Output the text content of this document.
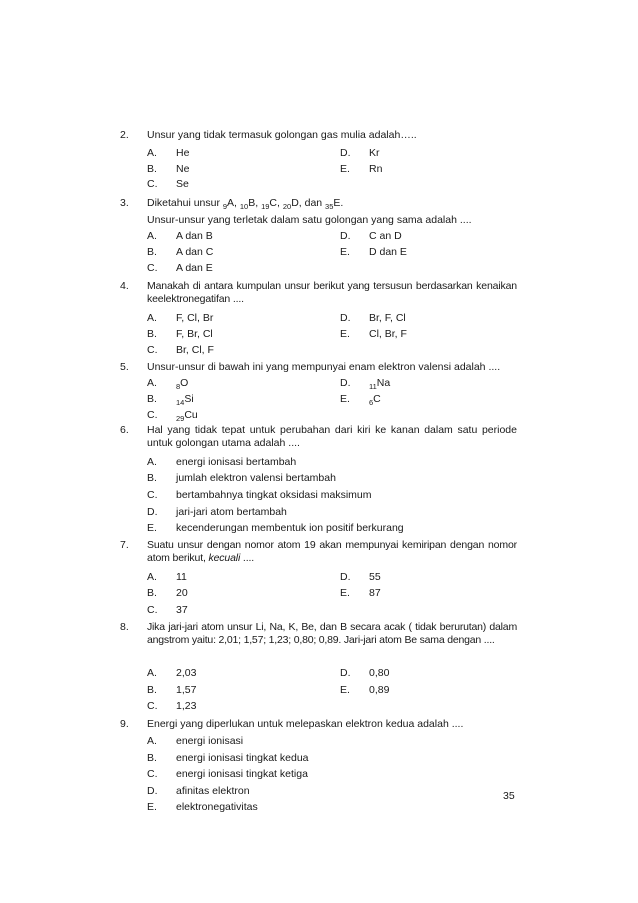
2. Unsur yang tidak termasuk golongan gas mulia adalah…..
A. He	D. Kr
B. Ne	E. Rn
C. Se
3. Diketahui unsur $_9$A, $_{10}$B, $_{19}$C, $_{20}$D, dan $_{35}$E.
Unsur-unsur yang terletak dalam satu golongan yang sama adalah ....
A. A dan B	D. C an D
B. A dan C	E. D dan E
C. A dan E
4. Manakah di antara kumpulan unsur berikut yang tersusun berdasarkan kenaikan keelektronegatifan ....
A. F, Cl, Br	D. Br, F, Cl
B. F, Br, Cl	E. Cl, Br, F
C. Br, Cl, F
5. Unsur-unsur di bawah ini yang mempunyai enam elektron valensi adalah ....
A.	$_8$O	D. $_{11}$Na
B.	$_{14}$Si	E.	$_6$C
C. $_{29}$Cu
6. Hal yang tidak tepat untuk perubahan dari kiri ke kanan dalam satu periode untuk golongan utama adalah ....
A. energi ionisasi bertambah
B. jumlah elektron valensi bertambah
C. bertambahnya tingkat oksidasi maksimum
D. jari-jari atom bertambah
E. kecenderungan membentuk ion positif berkurang
7. Suatu unsur dengan nomor atom 19 akan mempunyai kemiripan dengan nomor atom berikut, kecuali ....
A. 11	D. 55
B. 20	E. 87
C. 37
8. Jika jari-jari atom unsur Li, Na, K, Be, dan B secara acak ( tidak berurutan) dalam angstrom yaitu: 2,01; 1,57; 1,23; 0,80; 0,89. Jari-jari atom Be sama dengan ....
A. 2,03	D. 0,80
B. 1,57	E. 0,89
C. 1,23
9. Energi yang diperlukan untuk melepaskan elektron kedua adalah ....
A. energi ionisasi
B. energi ionisasi tingkat kedua
C. energi ionisasi tingkat ketiga
D. afinitas elektron
E. elektronegativitas
35
